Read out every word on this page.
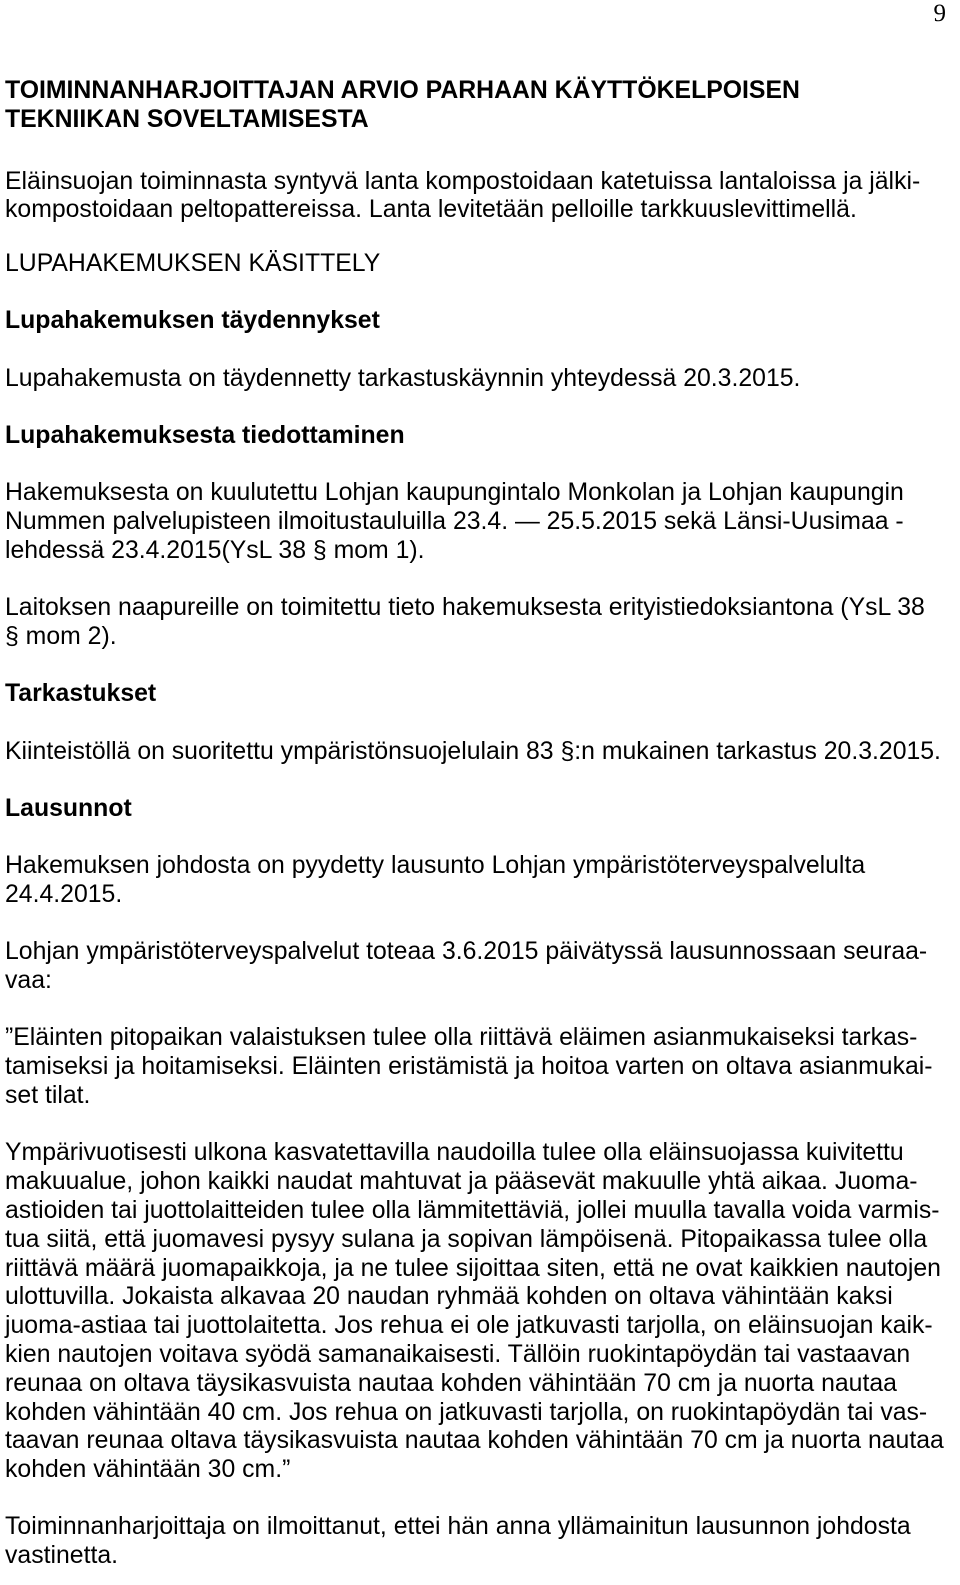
9
TOIMINNANHARJOITTAJAN ARVIO PARHAAN KÄYTTÖKELPOISEN
TEKNIIKAN SOVELTAMISESTA
Eläinsuojan toiminnasta syntyvä lanta kompostoidaan katetuissa lantaloissa ja jälki-
kompostoidaan peltopattereissa. Lanta levitetään pelloille tarkkuuslevittimellä.
LUPAHAKEMUKSEN KÄSITTELY
Lupahakemuksen täydennykset
Lupahakemusta on täydennetty tarkastuskäynnin yhteydessä 20.3.2015.
Lupahakemuksesta tiedottaminen
Hakemuksesta on kuulutettu Lohjan kaupungintalo Monkolan ja Lohjan kaupungin
Nummen palvelupisteen ilmoitustauluilla 23.4. — 25.5.2015 sekä Länsi-Uusimaa -
lehdessä 23.4.2015(YsL 38 § mom 1).
Laitoksen naapureille on toimitettu tieto hakemuksesta erityistiedoksiantona (YsL 38
§ mom 2).
Tarkastukset
Kiinteistöllä on suoritettu ympäristönsuojelulain 83 §:n mukainen tarkastus 20.3.2015.
Lausunnot
Hakemuksen johdosta on pyydetty lausunto Lohjan ympäristöterveyspalvelulta
24.4.2015.
Lohjan ympäristöterveyspalvelut toteaa 3.6.2015 päivätyssä lausunnossaan seuraa-
vaa:
”Eläinten pitopaikan valaistuksen tulee olla riittävä eläimen asianmukaiseksi tarkas-
tamiseksi ja hoitamiseksi. Eläinten eristämistä ja hoitoa varten on oltava asianmukai-
set tilat.
Ympärivuotisesti ulkona kasvatettavilla naudoilla tulee olla eläinsuojassa kuivitettu
makuualue, johon kaikki naudat mahtuvat ja pääsevät makuulle yhtä aikaa. Juoma-
astioiden tai juottolaitteiden tulee olla lämmitettäviä, jollei muulla tavalla voida varmis-
tua siitä, että juomavesi pysyy sulana ja sopivan lämpöisenä. Pitopaikassa tulee olla
riittävä määrä juomapaikkoja, ja ne tulee sijoittaa siten, että ne ovat kaikkien nautojen
ulottuvilla. Jokaista alkavaa 20 naudan ryhmää kohden on oltava vähintään kaksi
juoma-astiaa tai juottolaitetta. Jos rehua ei ole jatkuvasti tarjolla, on eläinsuojan kaik-
kien nautojen voitava syödä samanaikaisesti. Tällöin ruokintapöydän tai vastaavan
reunaa on oltava täysikasvuista nautaa kohden vähintään 70 cm ja nuorta nautaa
kohden vähintään 40 cm. Jos rehua on jatkuvasti tarjolla, on ruokintapöydän tai vas-
taavan reunaa oltava täysikasvuista nautaa kohden vähintään 70 cm ja nuorta nautaa
kohden vähintään 30 cm.”
Toiminnanharjoittaja on ilmoittanut, ettei hän anna yllämainitun lausunnon johdosta
vastinetta.
